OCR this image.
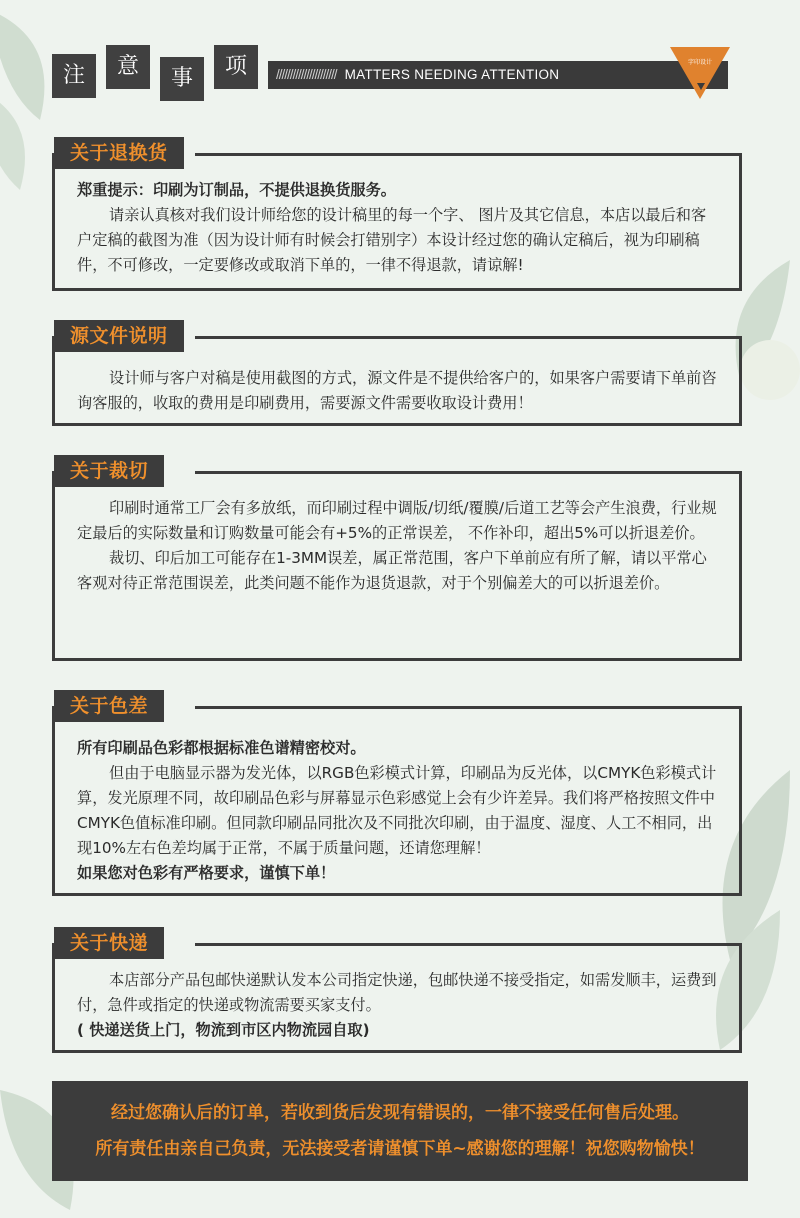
注	意	事	项	////////////////////// MATTERS NEEDING ATTENTION
字印设计
关于退换货
郑重提示：印刷为订制品，不提供退换货服务。
请亲认真核对我们设计师给您的设计稿里的每一个字、 图片及其它信息，本店以最后和客户定稿的截图为准（因为设计师有时候会打错别字）本设计经过您的确认定稿后，视为印刷稿件，不可修改，一定要修改或取消下单的，一律不得退款，请谅解!
源文件说明
设计师与客户对稿是使用截图的方式，源文件是不提供给客户的，如果客户需要请下单前咨询客服的，收取的费用是印刷费用，需要源文件需要收取设计费用！
关于裁切
印刷时通常工厂会有多放纸，而印刷过程中调版/切纸/覆膜/后道工艺等会产生浪费，行业规定最后的实际数量和订购数量可能会有+5%的正常误差， 不作补印，超出5%可以折退差价。
裁切、印后加工可能存在1-3MM误差，属正常范围，客户下单前应有所了解，请以平常心客观对待正常范围误差，此类问题不能作为退货退款，对于个别偏差大的可以折退差价。
关于色差
所有印刷品色彩都根据标准色谱精密校对。
但由于电脑显示器为发光体，以RGB色彩模式计算，印刷品为反光体，以CMYK色彩模式计算，发光原理不同，故印刷品色彩与屏幕显示色彩感觉上会有少许差异。我们将严格按照文件中CMYK色值标准印刷。但同款印刷品同批次及不同批次印刷，由于温度、湿度、人工不相同，出现10%左右色差均属于正常，不属于质量问题，还请您理解！
如果您对色彩有严格要求，谨慎下单！
关于快递
本店部分产品包邮快递默认发本公司指定快递，包邮快递不接受指定，如需发顺丰，运费到付，急件或指定的快递或物流需要买家支付。
( 快递送货上门，物流到市区内物流园自取)
经过您确认后的订单，若收到货后发现有错误的，一律不接受任何售后处理。
所有责任由亲自己负责，无法接受者请谨慎下单~感谢您的理解！祝您购物愉快！
